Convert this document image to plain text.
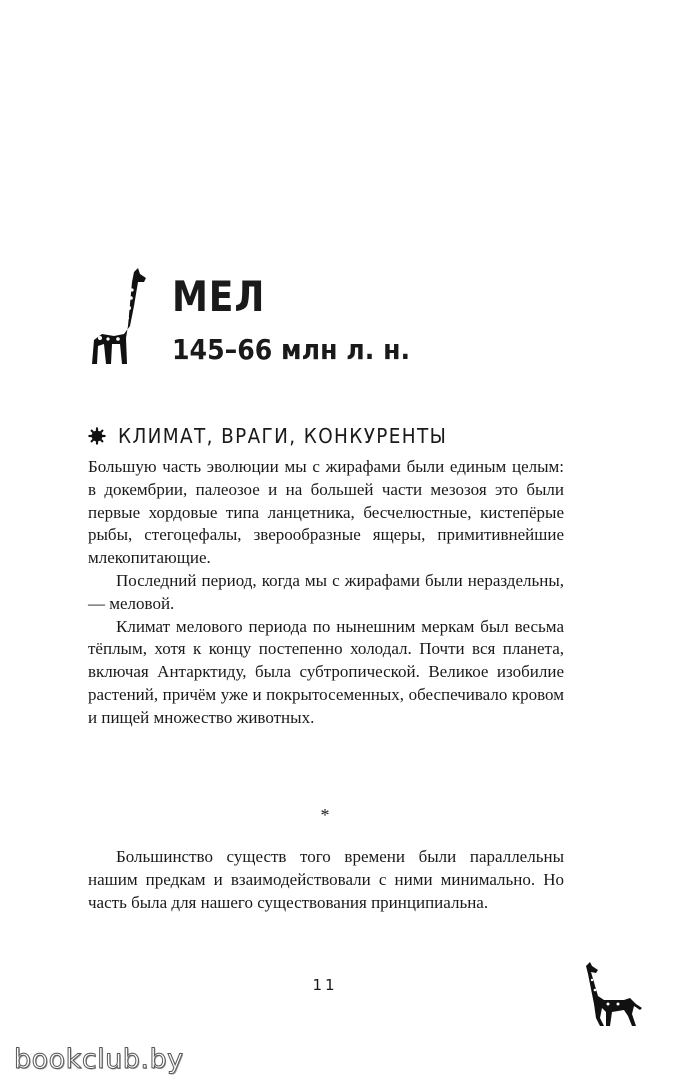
МЕЛ
145–66 млн л. н.
КЛИМАТ, ВРАГИ, КОНКУРЕНТЫ

Большую часть эволюции мы с жирафами были единым целым: в докембрии, палеозое и на большей части мезозоя это были первые хордовые типа ланцетника, бесчелюстные, кистепёрые рыбы, стегоцефалы, зверообразные ящеры, примитивнейшие млекопитающие.

Последний период, когда мы с жирафами были нераздельны, — меловой.

Климат мелового периода по нынешним меркам был весьма тёплым, хотя к концу постепенно холодал. Почти вся планета, включая Антарктиду, была субтропической. Великое изобилие растений, причём уже и покрытосеменных, обеспечивало кровом и пищей множество животных.

*

Большинство существ того времени были параллельны нашим предкам и взаимодействовали с ними минимально. Но часть была для нашего существования принципиальна.

11
bookclub.by
